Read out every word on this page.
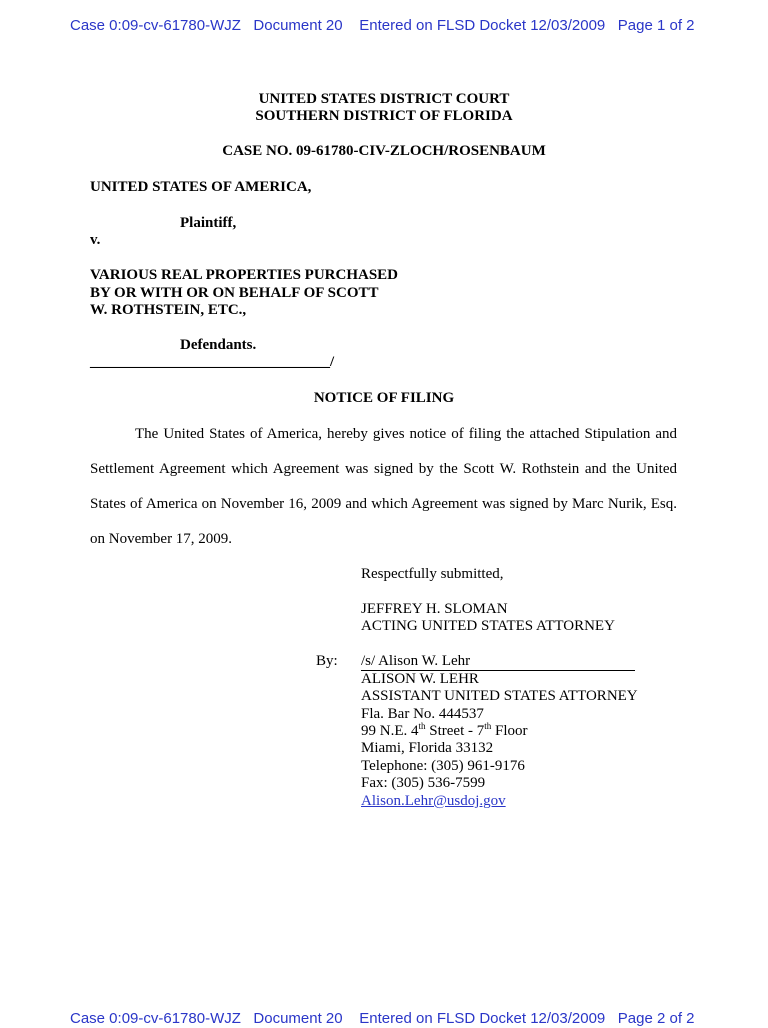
Case 0:09-cv-61780-WJZ   Document 20    Entered on FLSD Docket 12/03/2009   Page 1 of 2
UNITED STATES DISTRICT COURT
SOUTHERN DISTRICT OF FLORIDA
CASE NO. 09-61780-CIV-ZLOCH/ROSENBAUM
UNITED STATES OF AMERICA,
Plaintiff,
v.
VARIOUS REAL PROPERTIES PURCHASED
BY OR WITH OR ON BEHALF OF SCOTT
W. ROTHSTEIN, ETC.,
Defendants.
________________________________/
NOTICE OF FILING
The United States of America, hereby gives notice of filing the attached Stipulation and Settlement Agreement which Agreement was signed by the Scott W. Rothstein and the United States of America on November 16, 2009 and which Agreement was signed by Marc Nurik, Esq. on November 17, 2009.
Respectfully submitted,
JEFFREY H. SLOMAN
ACTING UNITED STATES ATTORNEY
By: /s/ Alison W. Lehr
ALISON W. LEHR
ASSISTANT UNITED STATES ATTORNEY
Fla. Bar No. 444537
99 N.E. 4th Street - 7th Floor
Miami, Florida 33132
Telephone: (305) 961-9176
Fax: (305) 536-7599
Alison.Lehr@usdoj.gov
Case 0:09-cv-61780-WJZ   Document 20    Entered on FLSD Docket 12/03/2009   Page 2 of 2
